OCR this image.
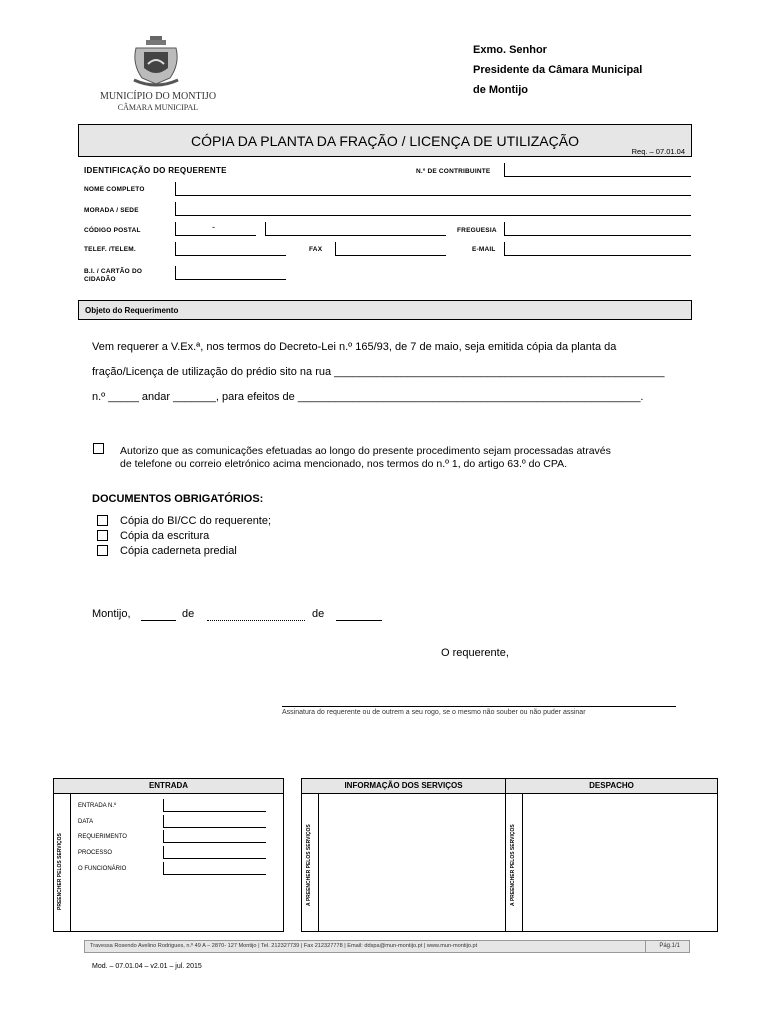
MUNICÍPIO DO MONTIJO
CÂMARA MUNICIPAL
Exmo. Senhor
Presidente da Câmara Municipal
de Montijo
CÓPIA DA PLANTA DA FRAÇÃO / LICENÇA DE UTILIZAÇÃO
Req. – 07.01.04
IDENTIFICAÇÃO DO REQUERENTE	N.º DE CONTRIBUINTE
NOME COMPLETO
MORADA / SEDE
CÓDIGO POSTAL	-	FREGUESIA
TELEF. /TELEM.	FAX	E-MAIL
B.I. / CARTÃO DO
CIDADÃO
Objeto do Requerimento
Vem requerer a V.Ex.ª, nos termos do Decreto-Lei n.º 165/93, de 7 de maio, seja emitida cópia da planta da
fração/Licença de utilização do prédio sito na rua ______________________________________________________
n.º _____ andar _______, para efeitos de ________________________________________________________.
Autorizo que as comunicações efetuadas ao longo do presente procedimento sejam processadas através
de telefone ou correio eletrónico acima mencionado, nos termos do n.º 1, do artigo 63.º do CPA.
DOCUMENTOS OBRIGATÓRIOS:
Cópia do BI/CC do requerente;
Cópia da escritura
Cópia caderneta predial
Montijo,	de	de
O requerente,
Assinatura do requerente ou de outrem a seu rogo, se o mesmo não souber ou não puder assinar
ENTRADA
PREENCHER PELOS SERVIÇOS
ENTRADA N.º
DATA
REQUERIMENTO
PROCESSO
O FUNCIONÁRIO
INFORMAÇÃO DOS SERVIÇOS	DESPACHO
A PREENCHER PELOS SERVIÇOS	A PREENCHER PELOS SERVIÇOS
Travessa Rosendo Avelino Rodrigues, n.º 49 A – 2870- 127 Montijo | Tel. 212327739 | Fax 212327778 | Email: ddspa@mun-montijo.pt | www.mun-montijo.pt	Pág.1/1
Mod. – 07.01.04 – v2.01 – jul. 2015
